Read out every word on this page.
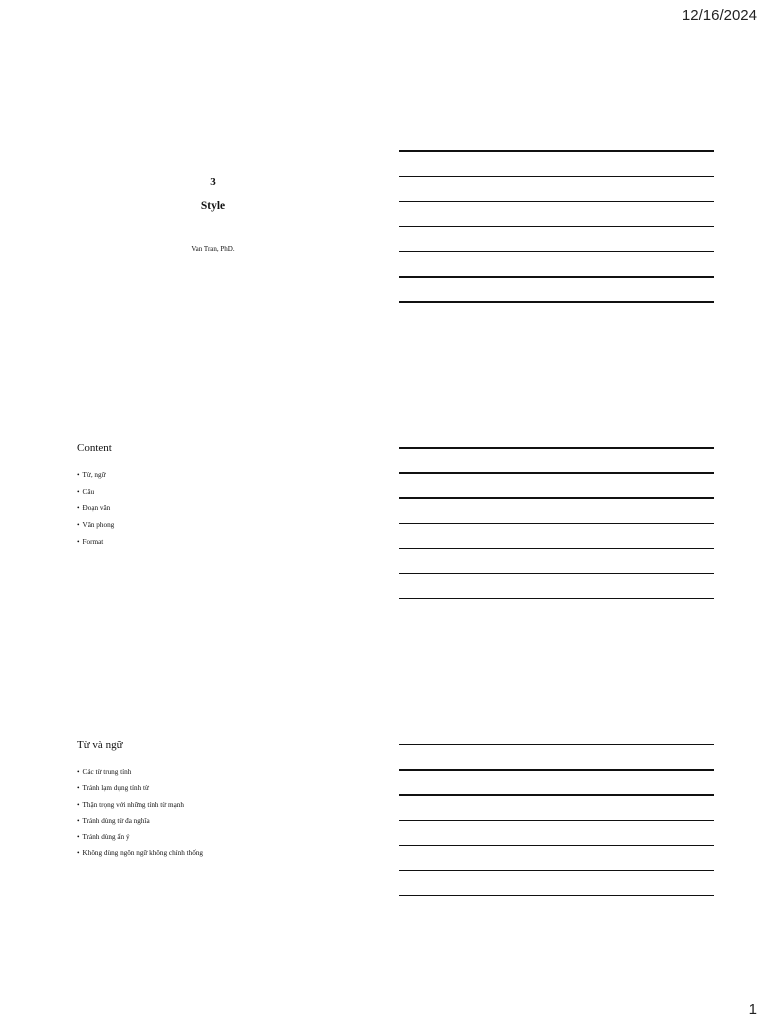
12/16/2024
3
Style
Van Tran, PhD.
Content
• Từ, ngữ
• Câu
• Đoạn văn
• Văn phong
• Format
Từ và ngữ
• Các từ trung tính
• Tránh lạm dụng tính từ
• Thận trọng với những tính từ mạnh
• Tránh dùng từ đa nghĩa
• Tránh dùng ẩn ý
• Không dùng ngôn ngữ không chính thống
1
